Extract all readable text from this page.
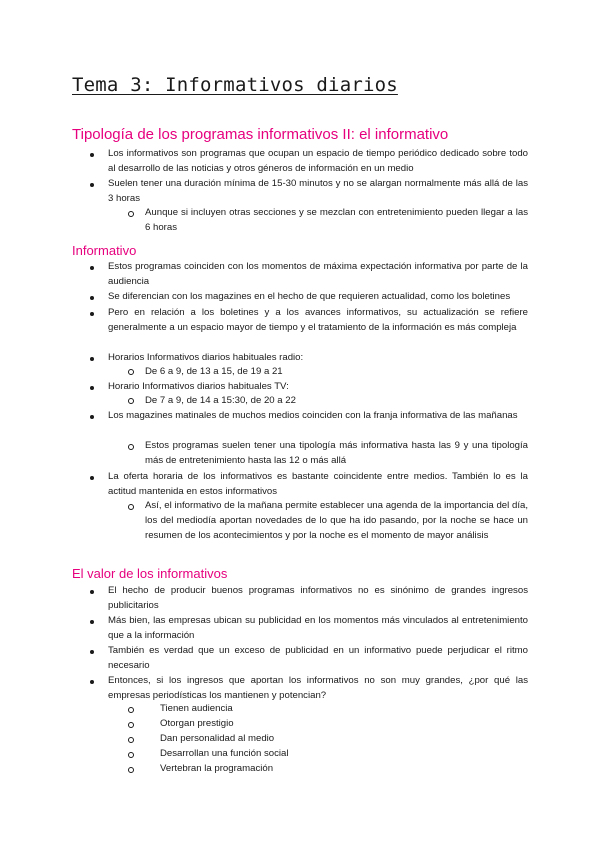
Tema 3: Informativos diarios
Tipología de los programas informativos II: el informativo
Los informativos son programas que ocupan un espacio de tiempo periódico dedicado sobre todo al desarrollo de las noticias y otros géneros de información en un medio
Suelen tener una duración mínima de 15-30 minutos y no se alargan normalmente más allá de las 3 horas
Aunque si incluyen otras secciones y se mezclan con entretenimiento pueden llegar a las 6 horas
Informativo
Estos programas coinciden con los momentos de máxima expectación informativa por parte de la audiencia
Se diferencian con los magazines en el hecho de que requieren actualidad, como los boletines
Pero en relación a los boletines y a los avances informativos, su actualización se refiere generalmente a un espacio mayor de tiempo y el tratamiento de la información es más compleja
Horarios Informativos diarios habituales radio:
De 6 a 9, de 13 a 15, de 19 a 21
Horario Informativos diarios habituales TV:
De 7 a 9, de 14 a 15:30, de 20 a 22
Los magazines matinales de muchos medios coinciden con la franja informativa de las mañanas
Estos programas suelen tener una tipología más informativa hasta las 9 y una tipología más de entretenimiento hasta las 12 o más allá
La oferta horaria de los informativos es bastante coincidente entre medios. También lo es la actitud mantenida en estos informativos
Así, el informativo de la mañana permite establecer una agenda de la importancia del día, los del mediodía aportan novedades de lo que ha ido pasando, por la noche se hace un resumen de los acontecimientos y por la noche es el momento de mayor análisis
El valor de los informativos
El hecho de producir buenos programas informativos no es sinónimo de grandes ingresos publicitarios
Más bien, las empresas ubican su publicidad en los momentos más vinculados al entretenimiento que a la información
También es verdad que un exceso de publicidad en un informativo puede perjudicar el ritmo necesario
Entonces, si los ingresos que aportan los informativos no son muy grandes, ¿por qué las empresas periodísticas los mantienen y potencian?
Tienen audiencia
Otorgan prestigio
Dan personalidad al medio
Desarrollan una función social
Vertebran la programación
